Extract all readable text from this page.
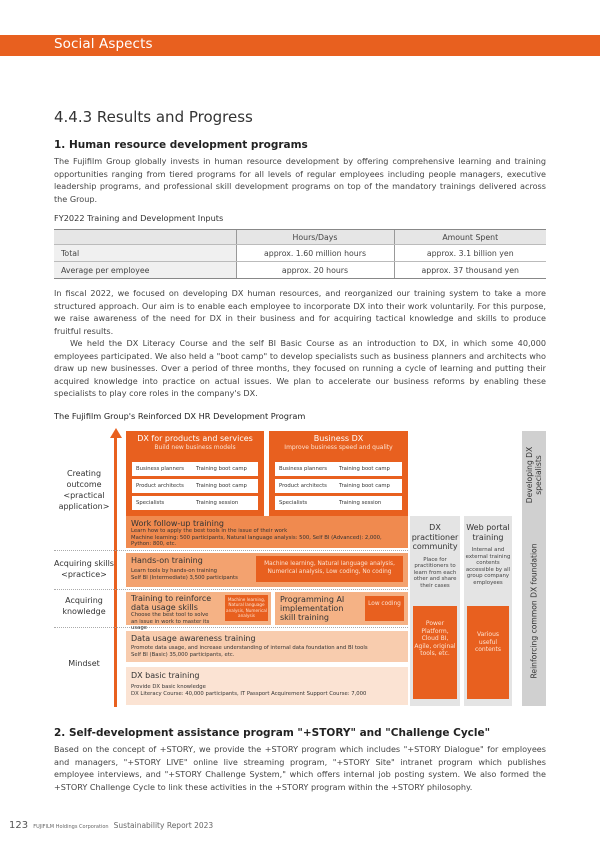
Social Aspects
4.4.3 Results and Progress
1. Human resource development programs

The Fujifilm Group globally invests in human resource development by offering comprehensive learning and training opportunities ranging from tiered programs for all levels of regular employees including people managers, executive leadership programs, and professional skill development programs on top of the mandatory trainings delivered across the Group.

FY2022 Training and Development Inputs
	Hours/Days	Amount Spent
Total	approx. 1.60 million hours	approx. 3.1 billion yen
Average per employee	approx. 20 hours	approx. 37 thousand yen

In fiscal 2022, we focused on developing DX human resources, and reorganized our training system to take a more structured approach. Our aim is to enable each employee to incorporate DX into their work voluntarily. For this purpose, we raise awareness of the need for DX in their business and for acquiring tactical knowledge and skills to produce fruitful results.

We held the DX Literacy Course and the self BI Basic Course as an introduction to DX, in which some 40,000 employees participated. We also held a "boot camp" to develop specialists such as business planners and architects who draw up new businesses. Over a period of three months, they focused on running a cycle of learning and putting their acquired knowledge into practice on actual issues. We plan to accelerate our business reforms by enabling these specialists to play core roles in the company's DX.

The Fujifilm Group's Reinforced DX HR Development Program
Creating outcome <practical application>
Acquiring skills <practice>
Acquiring knowledge
Mindset
DX for products and services
Build new business models
Business planners Training boot camp
Product architects Training boot camp
Specialists	Training session
Business DX
Improve business speed and quality
Business planners Training boot camp
Product architects Training boot camp
Specialists	Training session
Work follow-up training
Learn how to apply the best tools in the issue of their work
Machine learning: 500 participants, Natural language analysis: 500, Self BI (Advanced): 2,000, Python: 800, etc.
Hands-on training
Learn tools by hands-on training
Self BI (Intermediate) 3,500 participants
Machine learning, Natural language analysis, Numerical analysis, Low coding, No coding
Training to reinforce data usage skills
Choose the best tool to solve an issue in work to master its usage
Machine learning, Natural language analysis, Numerical analysis
Programming AI implementation skill training
Low coding
Data usage awareness training
Promote data usage, and increase understanding of internal data foundation and BI tools
Self BI (Basic) 35,000 participants, etc.
DX basic training
Provide DX basic knowledge
DX Literacy Course: 40,000 participants, IT Passport Acquirement Support Course: 7,000
DX practitioner community
Place for practitioners to learn from each other and share their cases
Power Platform, Cloud BI, Agile, original tools, etc.
Web portal training
Internal and external training contents accessible by all group company employees
Various useful contents
Developing DX specialists
Reinforcing common DX foundation
2. Self-development assistance program "+STORY" and "Challenge Cycle"

Based on the concept of +STORY, we provide the +STORY program which includes "+STORY Dialogue" for employees and managers, "+STORY LIVE" online live streaming program, "+STORY Site" intranet program which publishes employee interviews, and "+STORY Challenge System," which offers internal job posting system. We also formed the +STORY Challenge Cycle to link these activities in the +STORY program within the +STORY philosophy.

123 FUJIFILM Holdings Corporation Sustainability Report 2023
